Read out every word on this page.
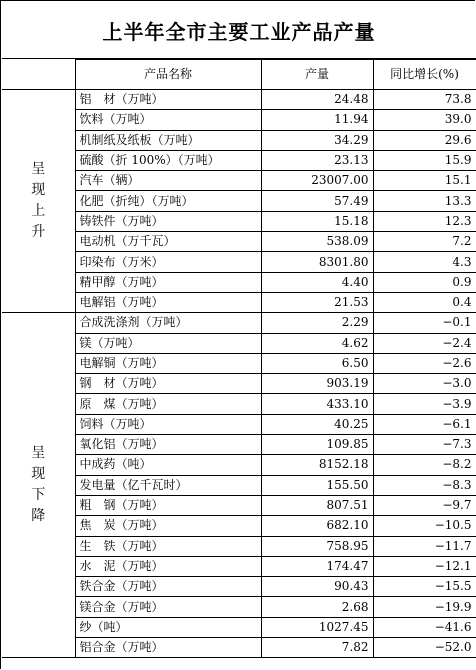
上半年全市主要工业产品产量
	产品名称	产量	同比增长(%)
呈现上升	铝　材（万吨）	24.48	73.8
	饮料（万吨）	11.94	39.0
	机制纸及纸板（万吨）	34.29	29.6
	硫酸（折 100%）（万吨）	23.13	15.9
	汽车（辆）	23007.00	15.1
	化肥（折纯）（万吨）	57.49	13.3
	铸铁件（万吨）	15.18	12.3
	电动机（万千瓦）	538.09	7.2
	印染布（万米）	8301.80	4.3
	精甲醇（万吨）	4.40	0.9
	电解铝（万吨）	21.53	0.4
呈现下降	合成洗涤剂（万吨）	2.29	−0.1
	镁（万吨）	4.62	−2.4
	电解铜（万吨）	6.50	−2.6
	钢　材（万吨）	903.19	−3.0
	原　煤（万吨）	433.10	−3.9
	饲料（万吨）	40.25	−6.1
	氧化铝（万吨）	109.85	−7.3
	中成药（吨）	8152.18	−8.2
	发电量（亿千瓦时）	155.50	−8.3
	粗　钢（万吨）	807.51	−9.7
	焦　炭（万吨）	682.10	−10.5
	生　铁（万吨）	758.95	−11.7
	水　泥（万吨）	174.47	−12.1
	铁合金（万吨）	90.43	−15.5
	镁合金（万吨）	2.68	−19.9
	纱（吨）	1027.45	−41.6
	铝合金（万吨）	7.82	−52.0
